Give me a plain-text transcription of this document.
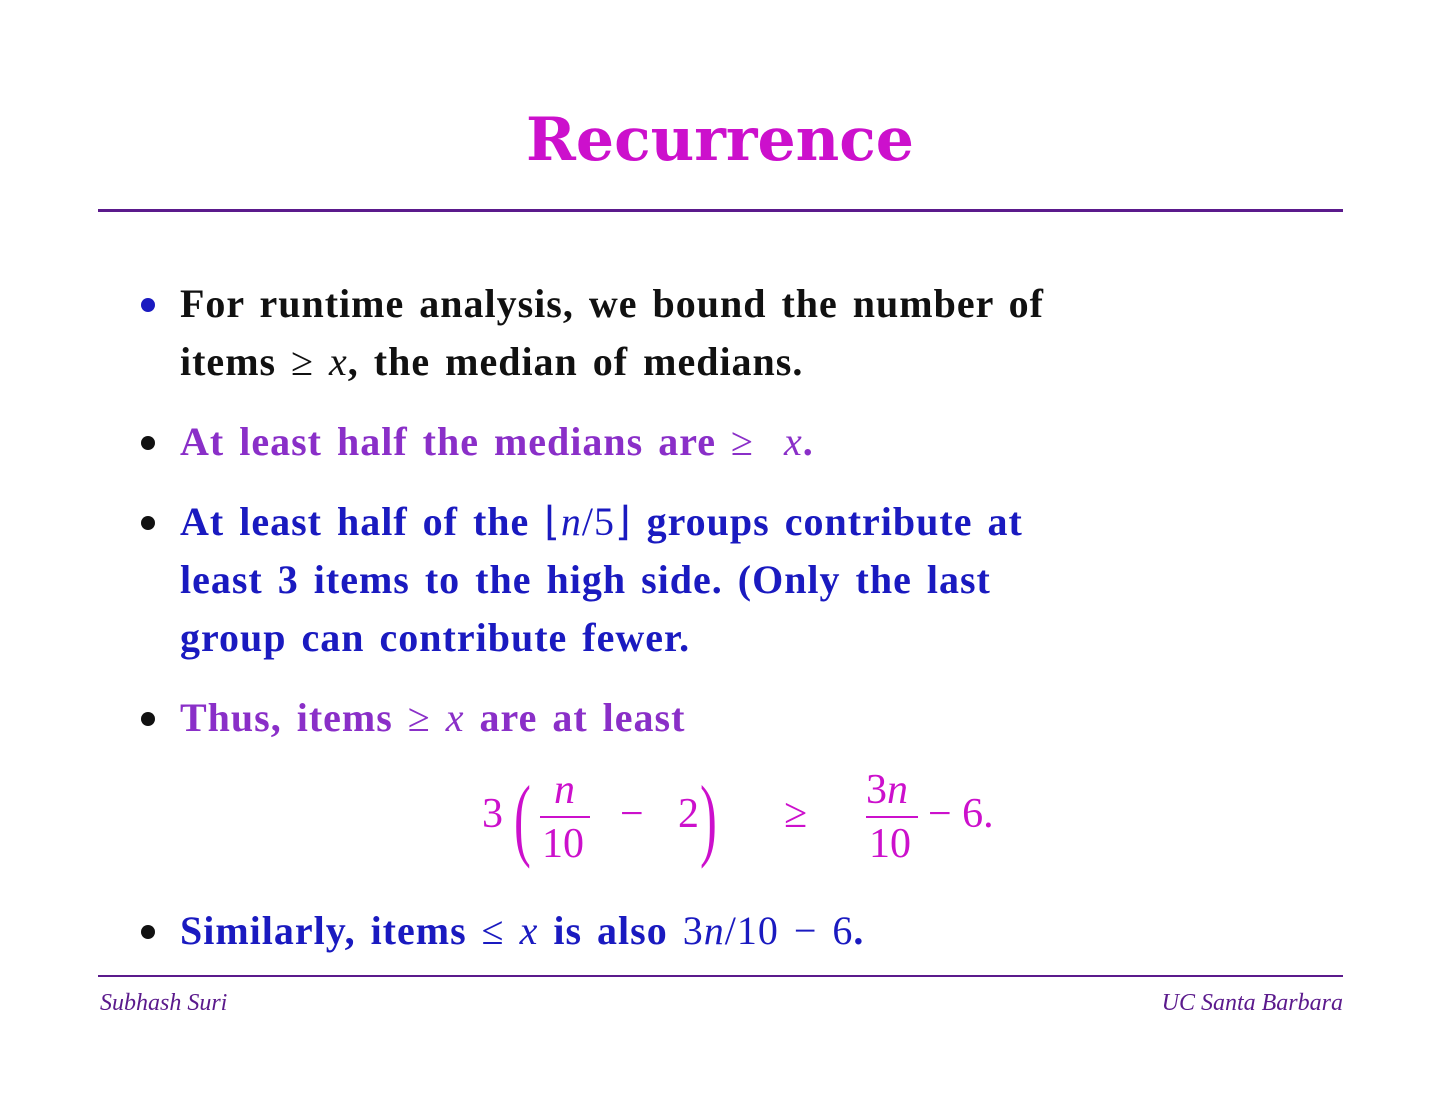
Recurrence
For runtime analysis, we bound the number of
items ≥ x, the median of medians.
At least half the medians are ≥ x.
At least half of the ⌊n/5⌋ groups contribute at
least 3 items to the high side. (Only the last
group can contribute fewer.
Thus, items ≥ x are at least
Similarly, items ≤ x is also 3n/10 − 6.
3 ( n
10
− 2 ) ≥
3n
10
− 6.
Subhash Suri	UC Santa Barbara
